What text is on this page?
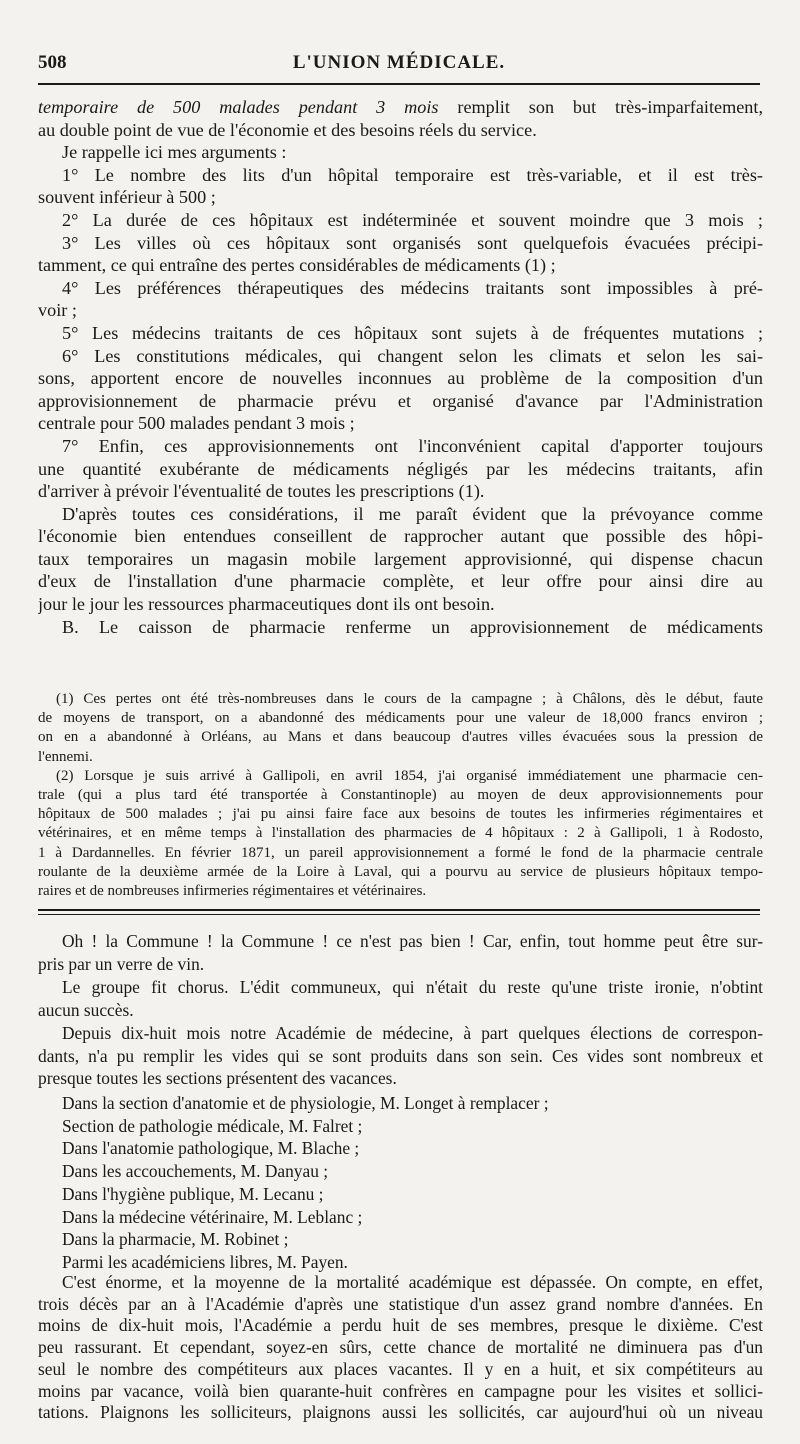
508	L'UNION MÉDICALE.

temporaire de 500 malades pendant 3 mois remplit son but très-imparfaitement,

au double point de vue de l'économie et des besoins réels du service.

Je rappelle ici mes arguments :

1° Le nombre des lits d'un hôpital temporaire est très-variable, et il est très-

souvent inférieur à 500 ;

2° La durée de ces hôpitaux est indéterminée et souvent moindre que 3 mois ;

3° Les villes où ces hôpitaux sont organisés sont quelquefois évacuées précipi-

tamment, ce qui entraîne des pertes considérables de médicaments (1) ;

4° Les préférences thérapeutiques des médecins traitants sont impossibles à pré-

voir ;

5° Les médecins traitants de ces hôpitaux sont sujets à de fréquentes mutations ;

6° Les constitutions médicales, qui changent selon les climats et selon les sai-

sons, apportent encore de nouvelles inconnues au problème de la composition d'un

approvisionnement de pharmacie prévu et organisé d'avance par l'Administration

centrale pour 500 malades pendant 3 mois ;

7° Enfin, ces approvisionnements ont l'inconvénient capital d'apporter toujours

une quantité exubérante de médicaments négligés par les médecins traitants, afin

d'arriver à prévoir l'éventualité de toutes les prescriptions (1).

D'après toutes ces considérations, il me paraît évident que la prévoyance comme

l'économie bien entendues conseillent de rapprocher autant que possible des hôpi-

taux temporaires un magasin mobile largement approvisionné, qui dispense chacun

d'eux de l'installation d'une pharmacie complète, et leur offre pour ainsi dire au

jour le jour les ressources pharmaceutiques dont ils ont besoin.

B. Le caisson de pharmacie renferme un approvisionnement de médicaments

(1) Ces pertes ont été très-nombreuses dans le cours de la campagne ; à Châlons, dès le début, faute

de moyens de transport, on a abandonné des médicaments pour une valeur de 18,000 francs environ ;

on en a abandonné à Orléans, au Mans et dans beaucoup d'autres villes évacuées sous la pression de

l'ennemi.

(2) Lorsque je suis arrivé à Gallipoli, en avril 1854, j'ai organisé immédiatement une pharmacie cen-

trale (qui a plus tard été transportée à Constantinople) au moyen de deux approvisionnements pour

hôpitaux de 500 malades ; j'ai pu ainsi faire face aux besoins de toutes les infirmeries régimentaires et

vétérinaires, et en même temps à l'installation des pharmacies de 4 hôpitaux : 2 à Gallipoli, 1 à Rodosto,

1 à Dardannelles. En février 1871, un pareil approvisionnement a formé le fond de la pharmacie centrale

roulante de la deuxième armée de la Loire à Laval, qui a pourvu au service de plusieurs hôpitaux tempo-

raires et de nombreuses infirmeries régimentaires et vétérinaires.

Oh ! la Commune ! la Commune ! ce n'est pas bien ! Car, enfin, tout homme peut être sur-

pris par un verre de vin.

Le groupe fit chorus. L'édit communeux, qui n'était du reste qu'une triste ironie, n'obtint

aucun succès.

Depuis dix-huit mois notre Académie de médecine, à part quelques élections de correspon-

dants, n'a pu remplir les vides qui se sont produits dans son sein. Ces vides sont nombreux et

presque toutes les sections présentent des vacances.

Dans la section d'anatomie et de physiologie, M. Longet à remplacer ;

Section de pathologie médicale, M. Falret ;

Dans l'anatomie pathologique, M. Blache ;

Dans les accouchements, M. Danyau ;

Dans l'hygiène publique, M. Lecanu ;

Dans la médecine vétérinaire, M. Leblanc ;

Dans la pharmacie, M. Robinet ;

Parmi les académiciens libres, M. Payen.

C'est énorme, et la moyenne de la mortalité académique est dépassée. On compte, en effet,

trois décès par an à l'Académie d'après une statistique d'un assez grand nombre d'années. En

moins de dix-huit mois, l'Académie a perdu huit de ses membres, presque le dixième. C'est

peu rassurant. Et cependant, soyez-en sûrs, cette chance de mortalité ne diminuera pas d'un

seul le nombre des compétiteurs aux places vacantes. Il y en a huit, et six compétiteurs au

moins par vacance, voilà bien quarante-huit confrères en campagne pour les visites et sollici-

tations. Plaignons les solliciteurs, plaignons aussi les sollicités, car aujourd'hui où un niveau
